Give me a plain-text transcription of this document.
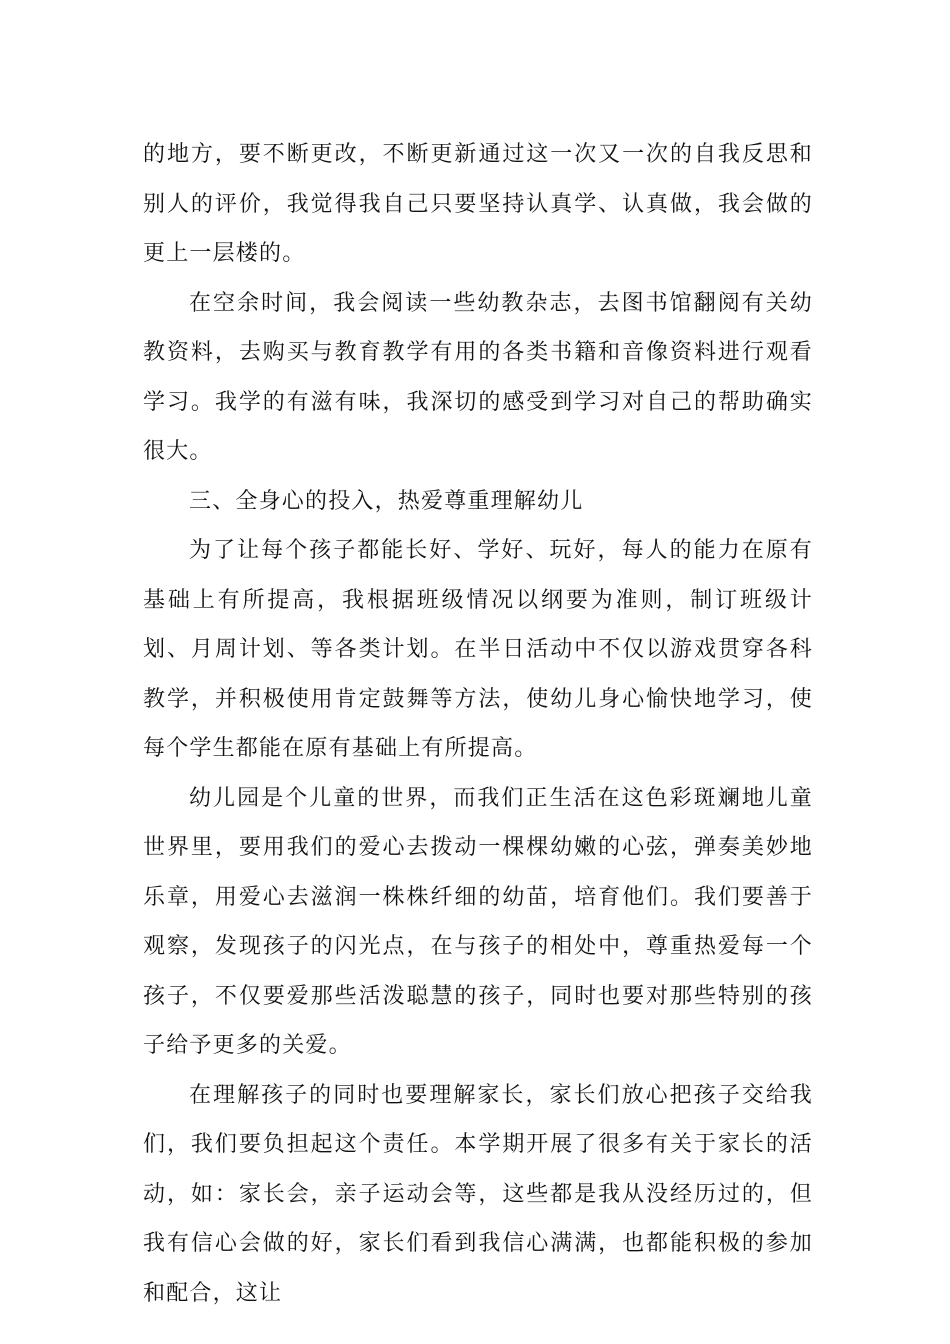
的地方，要不断更改，不断更新通过这一次又一次的自我反思和别人的评价，我觉得我自己只要坚持认真学、认真做，我会做的更上一层楼的。

在空余时间，我会阅读一些幼教杂志，去图书馆翻阅有关幼教资料，去购买与教育教学有用的各类书籍和音像资料进行观看学习。我学的有滋有味，我深切的感受到学习对自己的帮助确实很大。

三、全身心的投入，热爱尊重理解幼儿

为了让每个孩子都能长好、学好、玩好，每人的能力在原有基础上有所提高，我根据班级情况以纲要为准则，制订班级计划、月周计划、等各类计划。在半日活动中不仅以游戏贯穿各科教学，并积极使用肯定鼓舞等方法，使幼儿身心愉快地学习，使每个学生都能在原有基础上有所提高。

幼儿园是个儿童的世界，而我们正生活在这色彩斑斓地儿童世界里，要用我们的爱心去拨动一棵棵幼嫩的心弦，弹奏美妙地乐章，用爱心去滋润一株株纤细的幼苗，培育他们。我们要善于观察，发现孩子的闪光点，在与孩子的相处中，尊重热爱每一个孩子，不仅要爱那些活泼聪慧的孩子，同时也要对那些特别的孩子给予更多的关爱。

在理解孩子的同时也要理解家长，家长们放心把孩子交给我们，我们要负担起这个责任。本学期开展了很多有关于家长的活动，如：家长会，亲子运动会等，这些都是我从没经历过的，但我有信心会做的好，家长们看到我信心满满，也都能积极的参加和配合，这让
